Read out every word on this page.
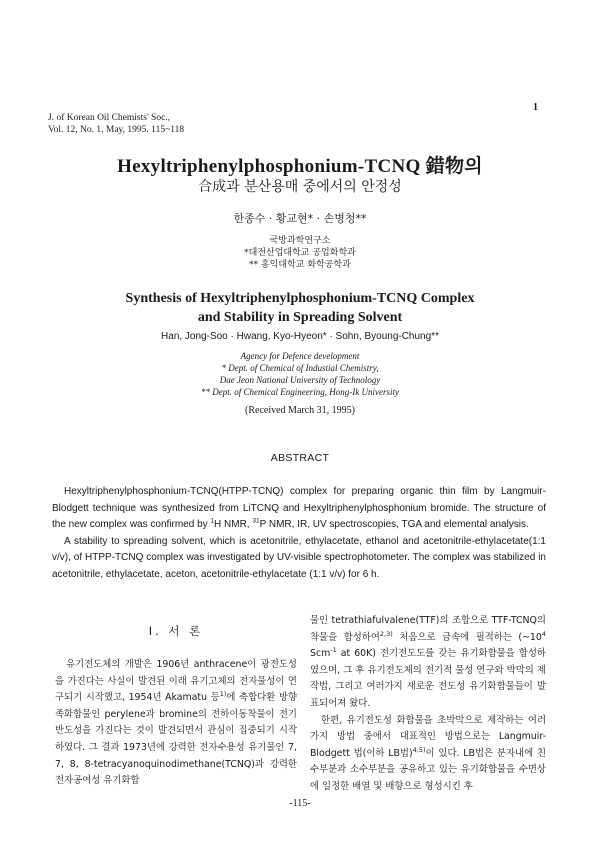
J. of Korean Oil Chemists' Soc.,
Vol. 12, No. 1, May, 1995. 115~118
1
Hexyltriphenylphosphonium-TCNQ 錯物의
合成과 분산용매 중에서의 안정성
한종수 · 황교현* · 손병청**
국방과학연구소
*대전산업대학교 공업화학과
** 홍익대학교 화학공학과
Synthesis of Hexyltriphenylphosphonium-TCNQ Complex
and Stability in Spreading Solvent
Han, Jong-Soo · Hwang, Kyo-Hyeon* · Sohn, Byoung-Chung**
Agency for Defence development
* Dept. of Chemical of Industial Chemistry,
Dae Jeon National University of Technology
** Dept. of Chemical Engineering, Hong-Ik University
(Received March 31, 1995)
ABSTRACT

Hexyltriphenylphosphonium-TCNQ(HTPP-TCNQ) complex for preparing organic thin film by Langmuir-Blodgett technique was synthesized from LiTCNQ and Hexyltriphenylphosphonium bromide. The structure of the new complex was confirmed by $^1$H NMR, $^{31}$P NMR, IR, UV spectroscopies, TGA and elemental analysis.

A stability to spreading solvent, which is acetonitrile, ethylacetate, ethanol and acetonitrile-ethylacetate(1:1 v/v), of HTPP-TCNQ complex was investigated by UV-visible spectrophotometer. The complex was stabilized in acetonitrile, ethylacetate, aceton, acetonitrile-ethylacetate (1:1 v/v) for 6 h.

I. 서 론

유기전도체의 개발은 1906년 anthracene이 광전도성을 가진다는 사실이 발견된 이래 유기고체의 전자물성이 연구되기 시작했고, 1954년 Akamatu 등$^{1)}$에 축합다환 방향족화합물인 perylene과 bromine의 전하이동착물이 전기 반도성을 가진다는 것이 발견되면서 관심이 집중되기 시작하였다. 그 결과 1973년에 강력한 전자수용성 유기물인 7, 7, 8, 8-tetracyanoquinodimethane(TCNQ)과 강력한 전자공여성 유기화합

물인 tetrathiafulvalene(TTF)의 조합으로 TTF-TCNQ의 착물을 합성하여$^{2,3)}$ 처음으로 금속에 필적하는 ($\sim 10^4$ Scm$^{-1}$ at 60K) 전기전도도를 갖는 유기화합물을 합성하였으며, 그 후 유기전도체의 전기적 물성 연구와 박막의 제작법, 그리고 여러가지 새로운 전도성 유기화합물들이 발표되어져 왔다.

한편, 유기전도성 화합물을 초박막으로 제작하는 여러가지 방법 중에서 대표적인 방법으로는 Langmuir-Blodgett 법(이하 LB법)$^{4,5)}$이 있다. LB법은 분자내에 친수부분과 소수부분을 공유하고 있는 유기화합물을 수면상에 일정한 배열 및 배향으로 형성시킨 후

-115-
